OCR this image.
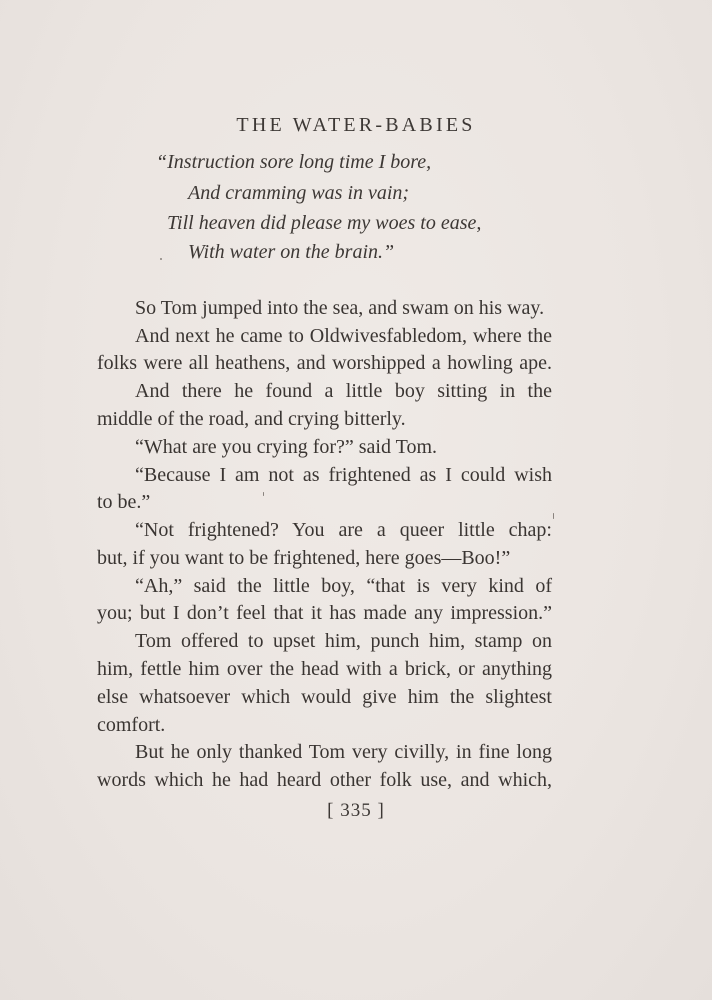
THE WATER-BABIES
“Instruction sore long time I bore,
And cramming was in vain;
Till heaven did please my woes to ease,
With water on the brain.”
So Tom jumped into the sea, and swam on his way.
And next he came to Oldwivesfabledom, where the
folks were all heathens, and worshipped a howling ape.
And there he found a little boy sitting in the
middle of the road, and crying bitterly.
“What are you crying for?” said Tom.
“Because I am not as frightened as I could wish
to be.”
“Not frightened? You are a queer little chap:
but, if you want to be frightened, here goes—Boo!”
“Ah,” said the little boy, “that is very kind of
you; but I don’t feel that it has made any impression.”
Tom offered to upset him, punch him, stamp on
him, fettle him over the head with a brick, or anything
else whatsoever which would give him the slightest
comfort.
But he only thanked Tom very civilly, in fine long
words which he had heard other folk use, and which,
[ 335 ]
